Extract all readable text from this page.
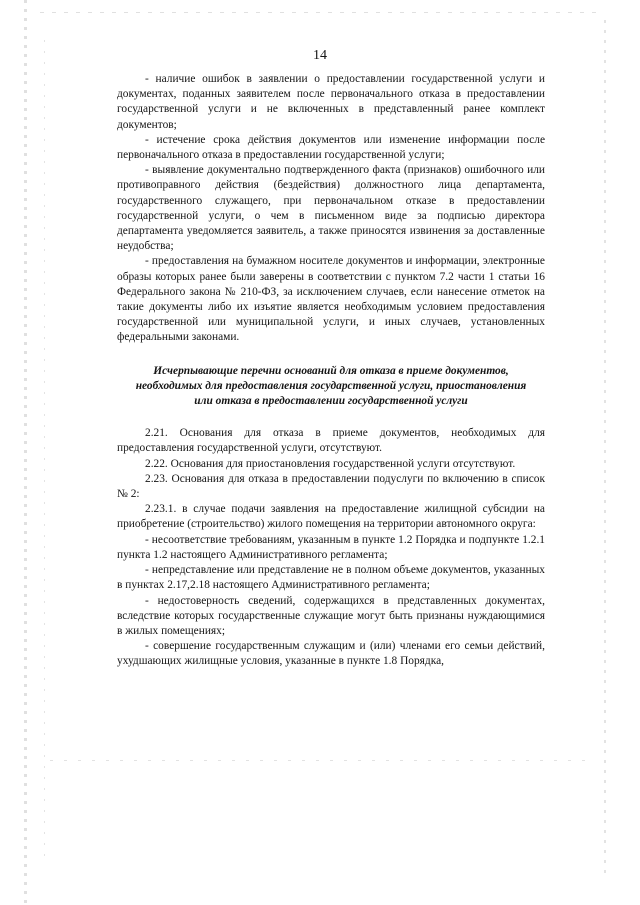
14

- наличие ошибок в заявлении о предоставлении государственной услуги и документах, поданных заявителем после первоначального отказа в предоставлении государственной услуги и не включенных в представленный ранее комплект документов;

- истечение срока действия документов или изменение информации после первоначального отказа в предоставлении государственной услуги;

- выявление документально подтвержденного факта (признаков) ошибочного или противоправного действия (бездействия) должностного лица департамента, государственного служащего, при первоначальном отказе в предоставлении государственной услуги, о чем в письменном виде за подписью директора департамента уведомляется заявитель, а также приносятся извинения за доставленные неудобства;

- предоставления на бумажном носителе документов и информации, электронные образы которых ранее были заверены в соответствии с пунктом 7.2 части 1 статьи 16 Федерального закона № 210-ФЗ, за исключением случаев, если нанесение отметок на такие документы либо их изъятие является необходимым условием предоставления государственной или муниципальной услуги, и иных случаев, установленных федеральными законами.

Исчерпывающие перечни оснований для отказа в приеме документов, необходимых для предоставления государственной услуги, приостановления или отказа в предоставлении государственной услуги

2.21. Основания для отказа в приеме документов, необходимых для предоставления государственной услуги, отсутствуют.

2.22. Основания для приостановления государственной услуги отсутствуют.

2.23. Основания для отказа в предоставлении подуслуги по включению в список № 2:

2.23.1. в случае подачи заявления на предоставление жилищной субсидии на приобретение (строительство) жилого помещения на территории автономного округа:

- несоответствие требованиям, указанным в пункте 1.2 Порядка и подпункте 1.2.1 пункта 1.2 настоящего Административного регламента;

- непредставление или представление не в полном объеме документов, указанных в пунктах 2.17,2.18 настоящего Административного регламента;

- недостоверность сведений, содержащихся в представленных документах, вследствие которых государственные служащие могут быть признаны нуждающимися в жилых помещениях;

- совершение государственным служащим и (или) членами его семьи действий, ухудшающих жилищные условия, указанные в пункте 1.8 Порядка,
